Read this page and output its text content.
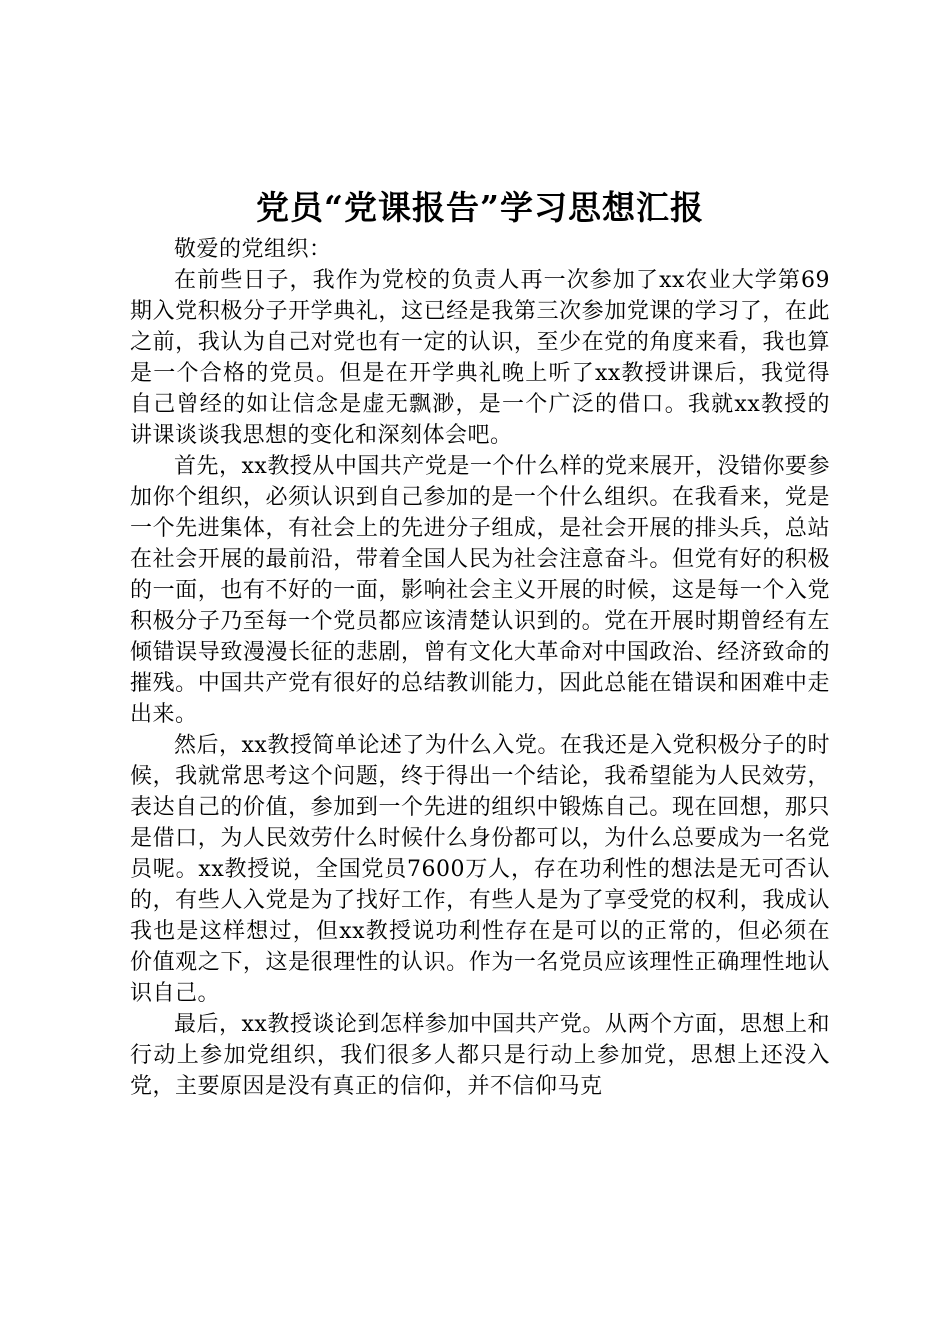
党员“党课报告”学习思想汇报

敬爱的党组织：

在前些日子，我作为党校的负责人再一次参加了xx农业大学第69期入党积极分子开学典礼，这已经是我第三次参加党课的学习了，在此之前，我认为自己对党也有一定的认识，至少在党的角度来看，我也算是一个合格的党员。但是在开学典礼晚上听了xx教授讲课后，我觉得自己曾经的如让信念是虚无飘渺，是一个广泛的借口。我就xx教授的讲课谈谈我思想的变化和深刻体会吧。

首先，xx教授从中国共产党是一个什么样的党来展开，没错你要参加你个组织，必须认识到自己参加的是一个什么组织。在我看来，党是一个先进集体，有社会上的先进分子组成，是社会开展的排头兵，总站在社会开展的最前沿，带着全国人民为社会注意奋斗。但党有好的积极的一面，也有不好的一面，影响社会主义开展的时候，这是每一个入党积极分子乃至每一个党员都应该清楚认识到的。党在开展时期曾经有左倾错误导致漫漫长征的悲剧，曾有文化大革命对中国政治、经济致命的摧残。中国共产党有很好的总结教训能力，因此总能在错误和困难中走出来。

然后，xx教授简单论述了为什么入党。在我还是入党积极分子的时候，我就常思考这个问题，终于得出一个结论，我希望能为人民效劳，表达自己的价值，参加到一个先进的组织中锻炼自己。现在回想，那只是借口，为人民效劳什么时候什么身份都可以，为什么总要成为一名党员呢。xx教授说，全国党员7600万人，存在功利性的想法是无可否认的，有些人入党是为了找好工作，有些人是为了享受党的权利，我成认我也是这样想过，但xx教授说功利性存在是可以的正常的，但必须在价值观之下，这是很理性的认识。作为一名党员应该理性正确理性地认识自己。

最后，xx教授谈论到怎样参加中国共产党。从两个方面，思想上和行动上参加党组织，我们很多人都只是行动上参加党，思想上还没入党，主要原因是没有真正的信仰，并不信仰马克
